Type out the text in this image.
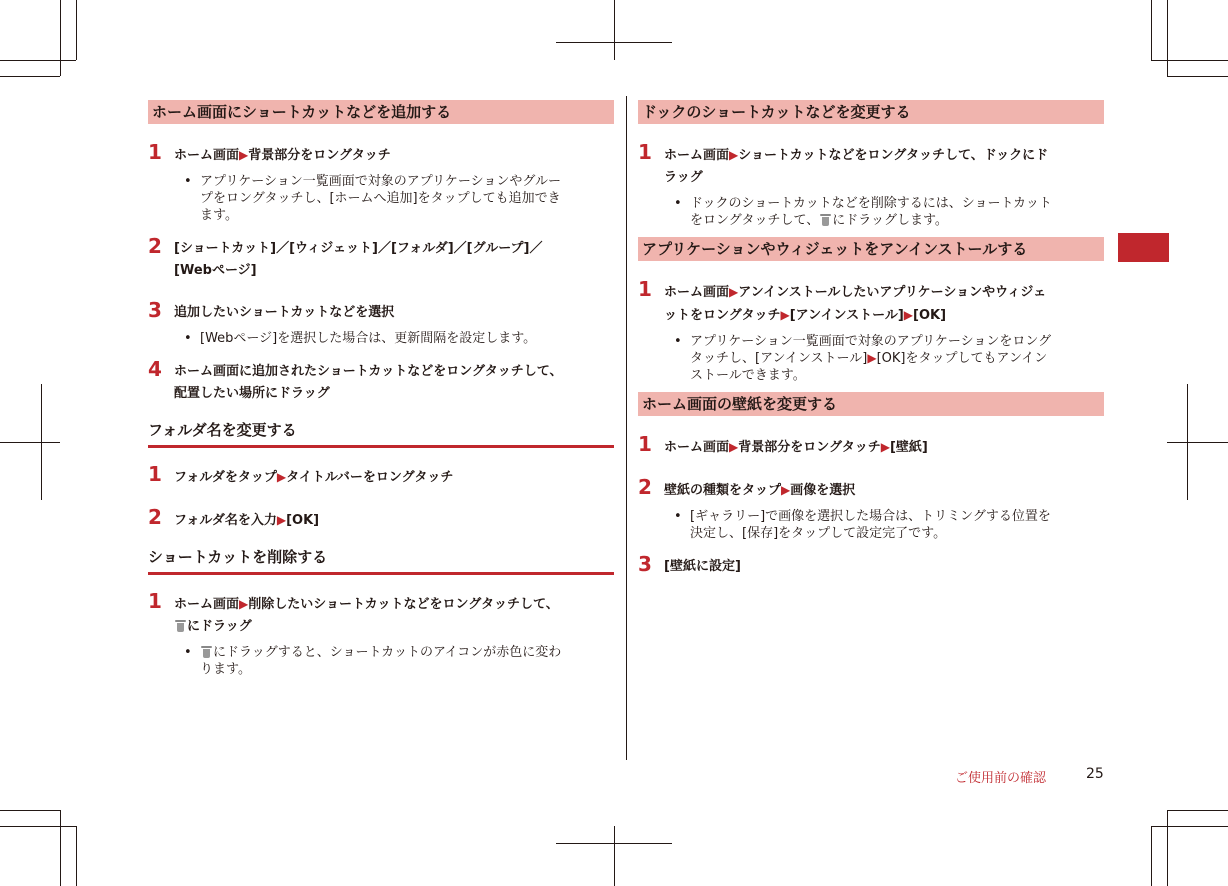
ホーム画面にショートカットなどを追加する
1 ホーム画面▶背景部分をロングタッチ
• アプリケーション一覧画面で対象のアプリケーションやグルー
プをロングタッチし、[ホームへ追加]をタップしても追加でき
ます。
2 [ショートカット]／[ウィジェット]／[フォルダ]／[グループ]／
[Webページ]
3 追加したいショートカットなどを選択
• [Webページ]を選択した場合は、更新間隔を設定します。
4 ホーム画面に追加されたショートカットなどをロングタッチして、
配置したい場所にドラッグ
フォルダ名を変更する
1 フォルダをタップ▶タイトルバーをロングタッチ
2 フォルダ名を入力▶[OK]
ショートカットを削除する
1 ホーム画面▶削除したいショートカットなどをロングタッチして、
にドラッグ
•	にドラッグすると、ショートカットのアイコンが赤色に変わ
ります。
ドックのショートカットなどを変更する
1 ホーム画面▶ショートカットなどをロングタッチして、ドックにド
ラッグ
• ドックのショートカットなどを削除するには、ショートカット
をロングタッチして、 にドラッグします。
アプリケーションやウィジェットをアンインストールする
1 ホーム画面▶アンインストールしたいアプリケーションやウィジェ
ットをロングタッチ▶[アンインストール]▶[OK]
• アプリケーション一覧画面で対象のアプリケーションをロング
タッチし、[アンインストール]▶[OK]をタップしてもアンイン
ストールできます。
ホーム画面の壁紙を変更する
1 ホーム画面▶背景部分をロングタッチ▶[壁紙]
2 壁紙の種類をタップ▶画像を選択
• [ギャラリー]で画像を選択した場合は、トリミングする位置を
決定し、[保存]をタップして設定完了です。
3 [壁紙に設定]
ご使用前の確認	25
